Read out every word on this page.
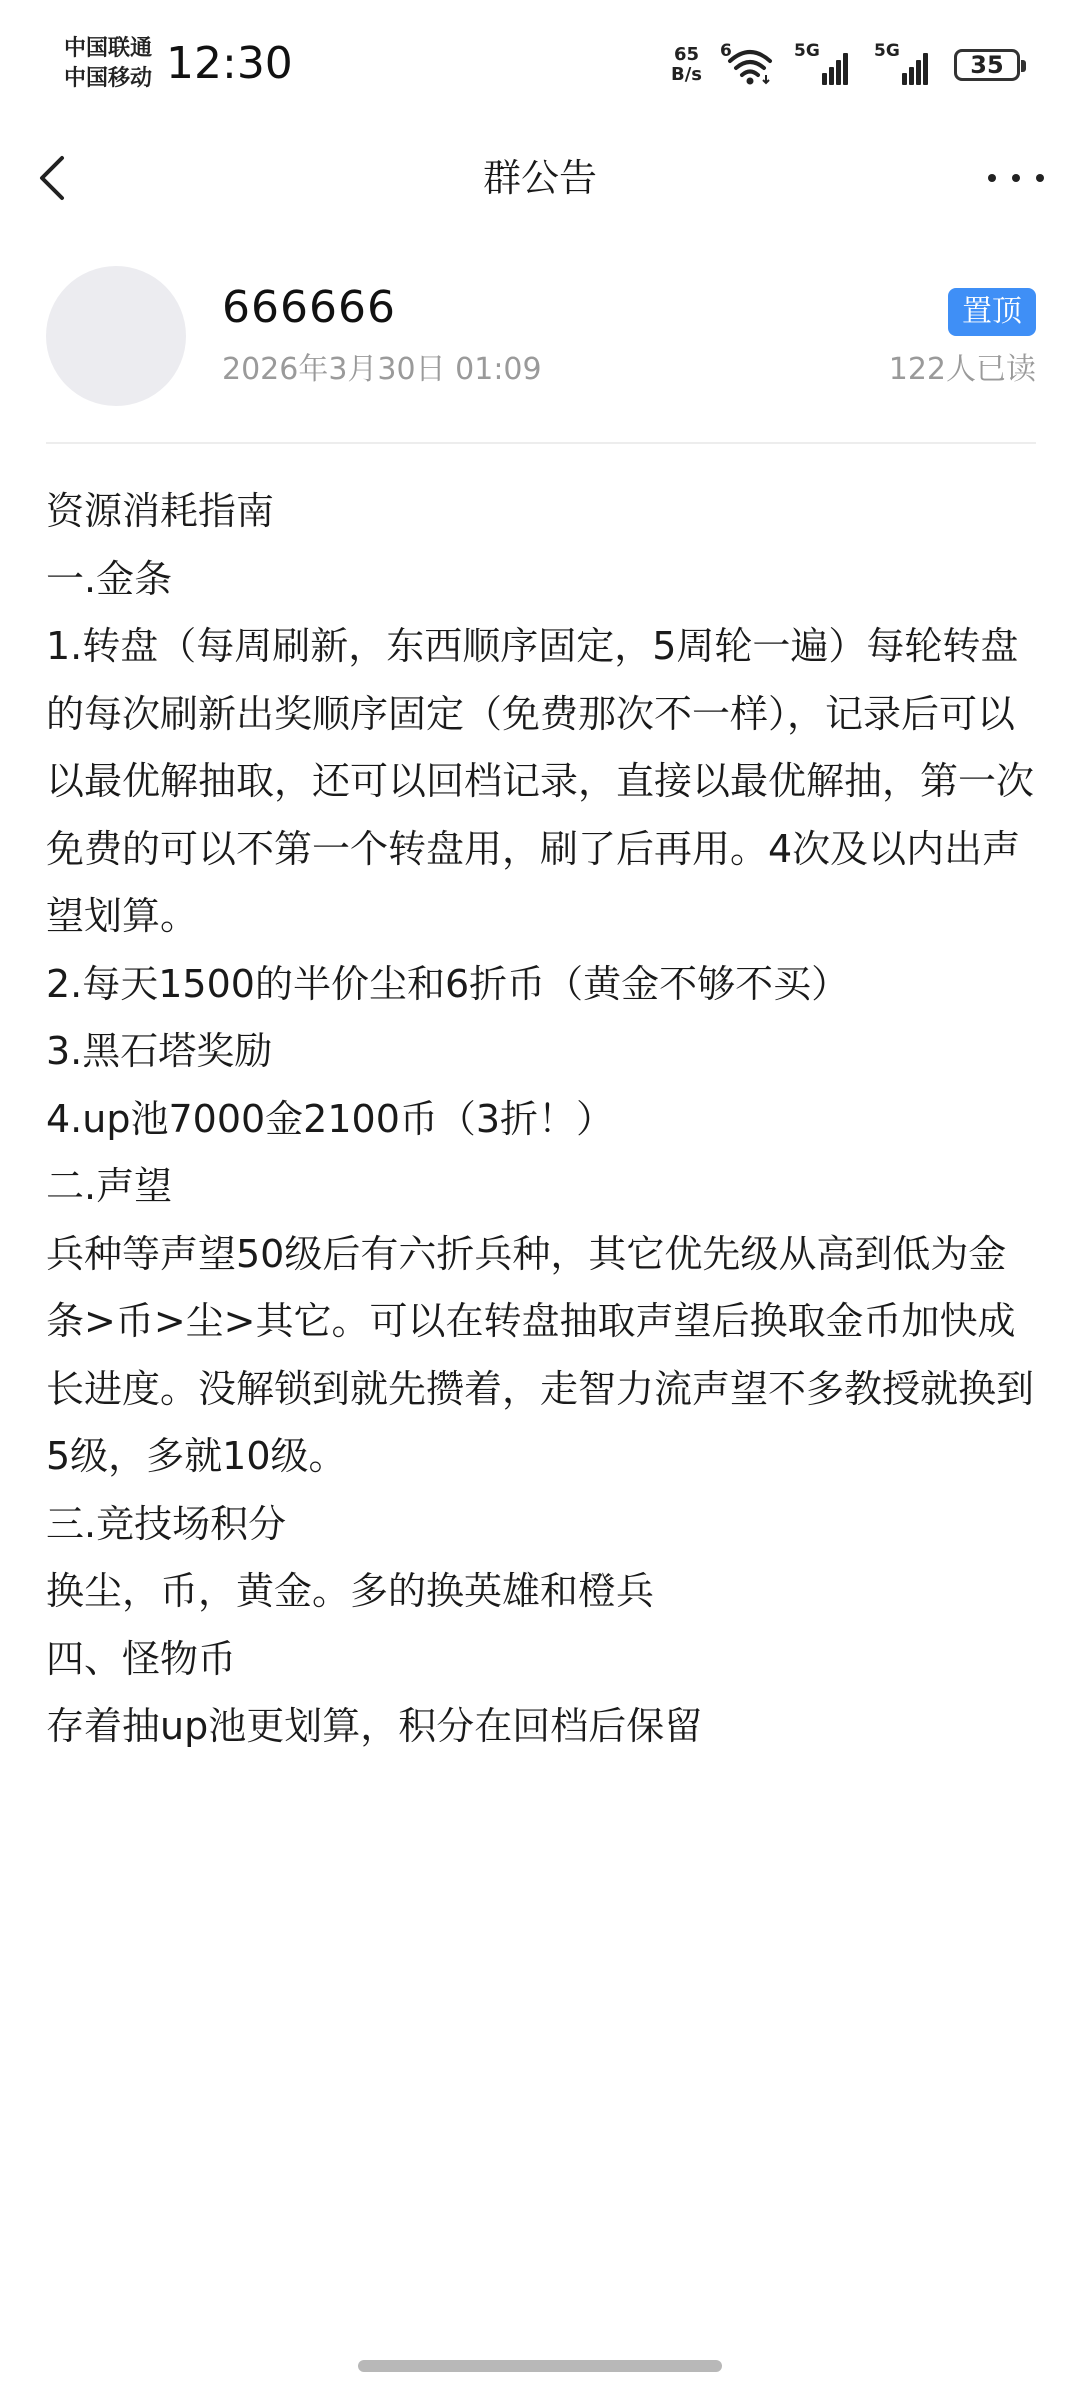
中国联通
中国移动 12:30	65
B/s
6	5G	5G	35
群公告
666666
2026年3月30日 01:09
置顶
122人已读

资源消耗指南

一.金条

1.转盘（每周刷新，东西顺序固定，5周轮一遍）每轮转盘的每次刷新出奖顺序固定（免费那次不一样），记录后可以以最优解抽取，还可以回档记录，直接以最优解抽，第一次免费的可以不第一个转盘用，刷了后再用。4次及以内出声望划算。

2.每天1500的半价尘和6折币（黄金不够不买）

3.黑石塔奖励

4.up池7000金2100币（3折！）

二.声望

兵种等声望50级后有六折兵种，其它优先级从高到低为金条>币>尘>其它。可以在转盘抽取声望后换取金币加快成长进度。没解锁到就先攒着，走智力流声望不多教授就换到5级，多就10级。

三.竞技场积分

换尘，币，黄金。多的换英雄和橙兵

四、怪物币

存着抽up池更划算，积分在回档后保留
